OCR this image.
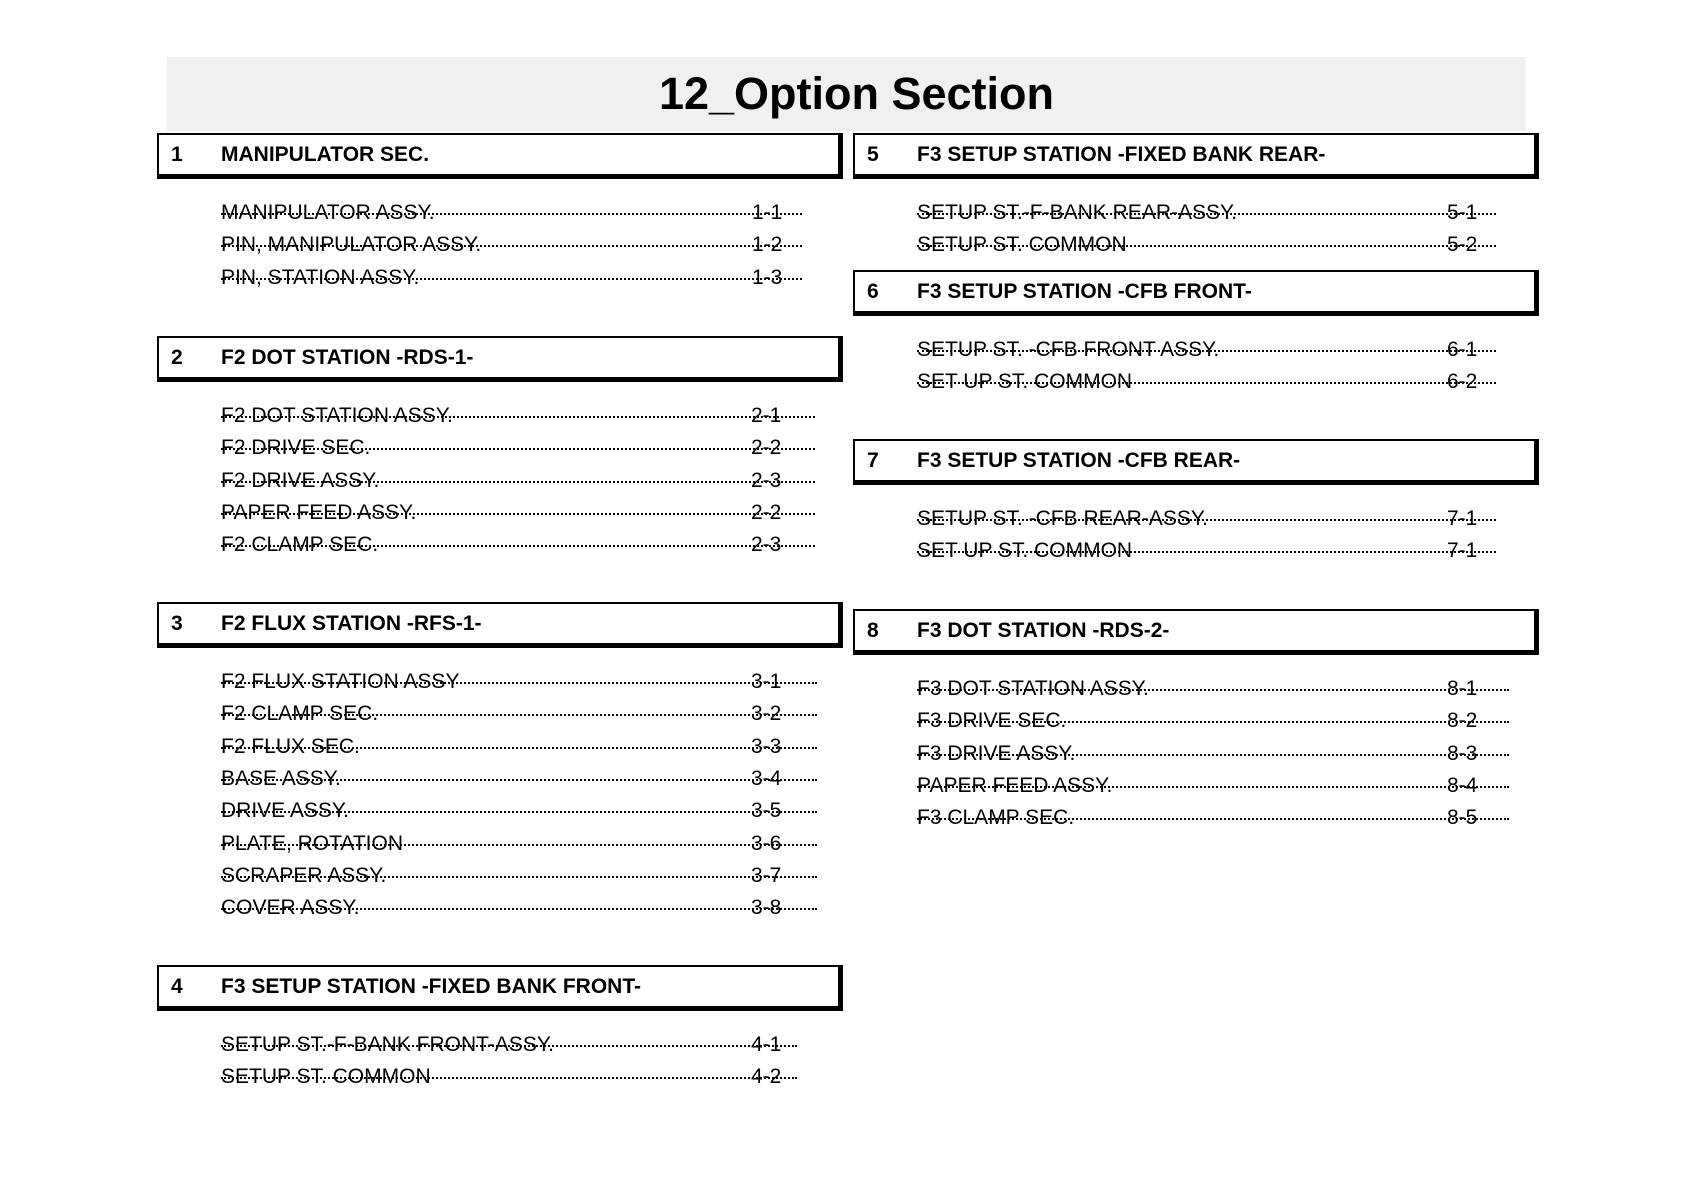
12_Option Section
1	MANIPULATOR SEC.
MANIPULATOR ASSY.	1-1
PIN, MANIPULATOR ASSY.	1-2
PIN, STATION ASSY.	1-3
2	F2 DOT STATION -RDS-1-
F2 DOT STATION ASSY.	2-1
F2 DRIVE SEC.	2-2
F2 DRIVE ASSY.	2-3
PAPER FEED ASSY.	2-2
F2 CLAMP SEC.	2-3
3	F2 FLUX STATION -RFS-1-
F2 FLUX STATION ASSY	3-1
F2 CLAMP SEC.	3-2
F2 FLUX SEC.	3-3
BASE ASSY.	3-4
DRIVE ASSY.	3-5
PLATE, ROTATION	3-6
SCRAPER ASSY.	3-7
COVER ASSY.	3-8
4	F3 SETUP STATION -FIXED BANK FRONT-
SETUP ST.-F-BANK FRONT-ASSY.	4-1
SETUP ST. COMMON	4-2
5	F3 SETUP STATION -FIXED BANK REAR-
SETUP ST.-F-BANK REAR-ASSY.	5-1
SETUP ST. COMMON	5-2
6	F3 SETUP STATION -CFB FRONT-
SETUP ST. -CFB FRONT ASSY.	6-1
SET UP ST. COMMON	6-2
7	F3 SETUP STATION -CFB REAR-
SETUP ST. -CFB REAR-ASSY.	7-1
SET UP ST. COMMON	7-1
8	F3 DOT STATION -RDS-2-
F3 DOT STATION ASSY.	8-1
F3 DRIVE SEC.	8-2
F3 DRIVE ASSY.	8-3
PAPER FEED ASSY.	8-4
F3 CLAMP SEC.	8-5
